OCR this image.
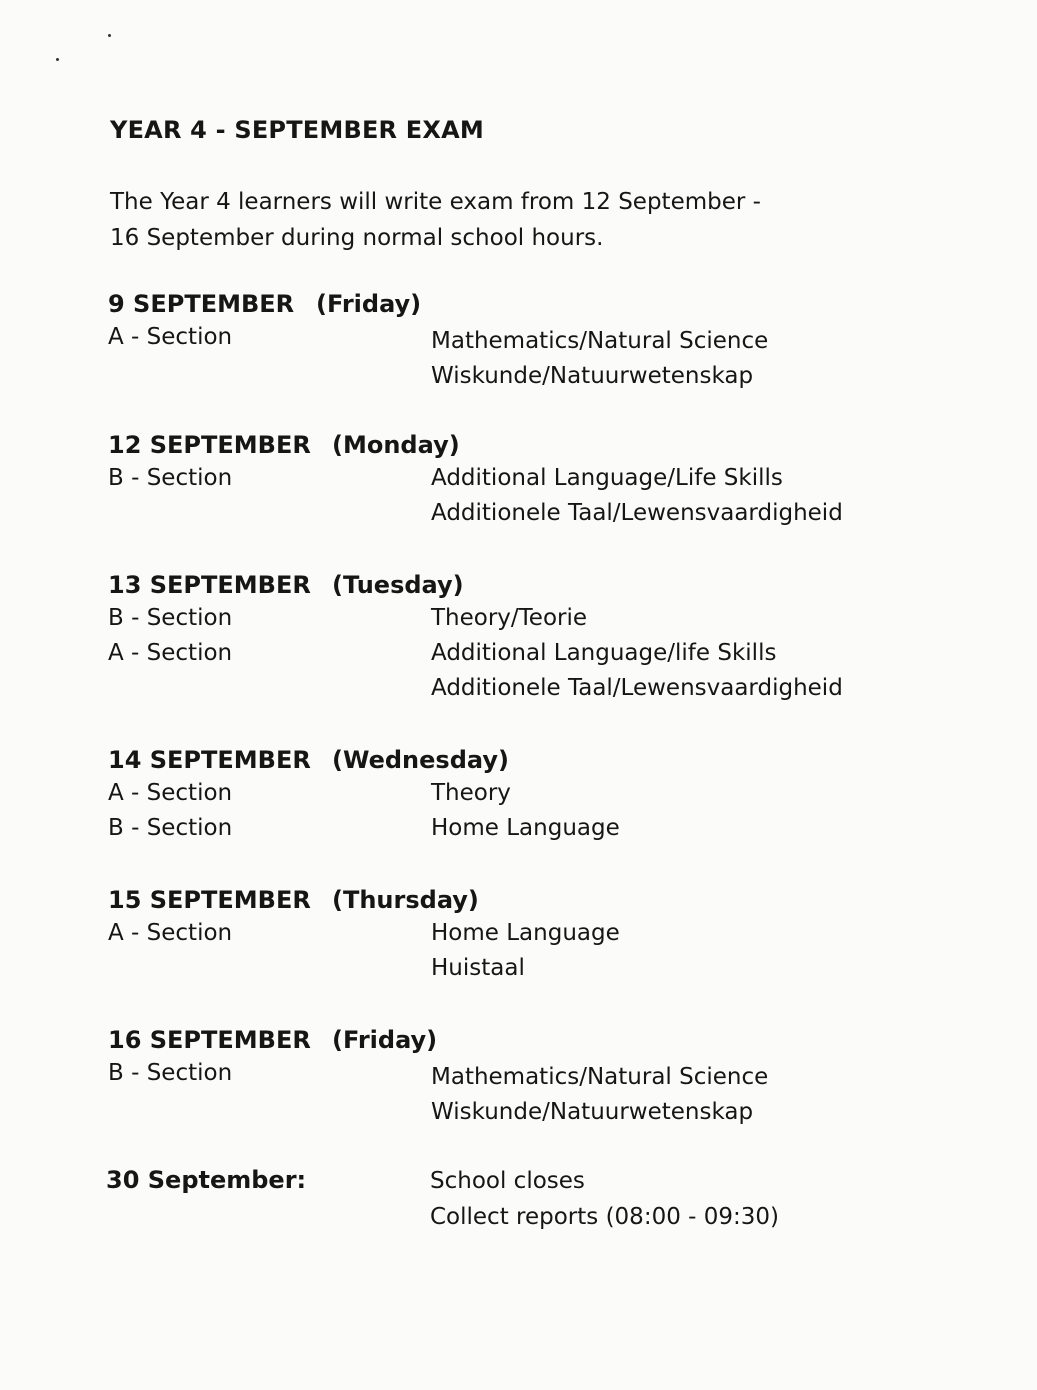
YEAR 4 - SEPTEMBER EXAM
The Year 4 learners will write exam from 12 September -
16 September during normal school hours.
9 SEPTEMBER (Friday)
A - Section	Mathematics/Natural Science
Wiskunde/Natuurwetenskap
12 SEPTEMBER (Monday)
B - Section	Additional Language/Life Skills
Additionele Taal/Lewensvaardigheid
13 SEPTEMBER (Tuesday)
B - Section	Theory/Teorie
A - Section	Additional Language/life Skills
Additionele Taal/Lewensvaardigheid
14 SEPTEMBER (Wednesday)
A - Section	Theory
B - Section	Home Language
15 SEPTEMBER (Thursday)
A - Section	Home Language
Huistaal
16 SEPTEMBER (Friday)
B - Section	Mathematics/Natural Science
Wiskunde/Natuurwetenskap
30 September:	School closes
Collect reports (08:00 - 09:30)
